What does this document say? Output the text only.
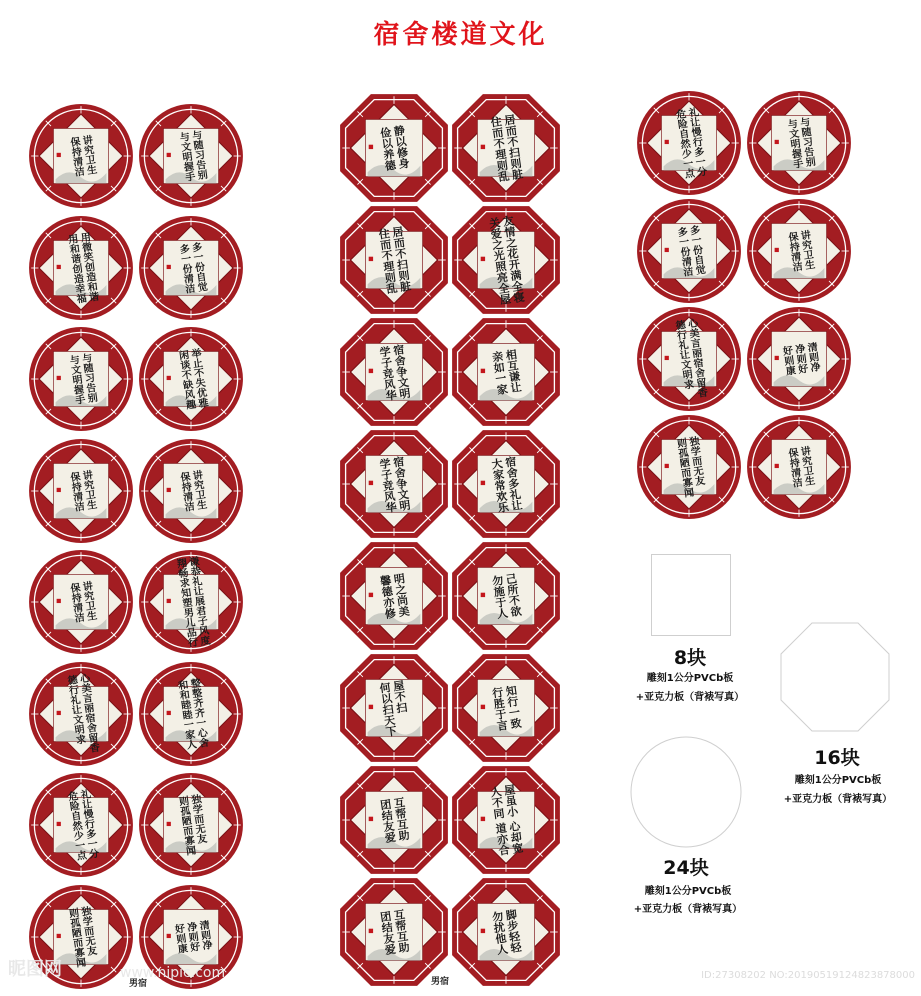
宿舍楼道文化
讲究卫生
保持清洁	与随习告别
与文明握手
用微笑创造和谐
用和谐创造幸福	多一份自觉
多一份清洁
与随习告别
与文明握手	举止不失优雅
闲谈不缺风趣
讲究卫生
保持清洁	讲究卫生
保持清洁
讲究卫生
保持清洁	谦恭礼让展君子风度
翔畅求知塑男儿品行
心美言丽宿舍留香
德行礼让文明求	整整齐齐一心舍
和和睦睦一家人
礼让慢行多一分
危险自然少一点	独学而无友
则孤陋而寡闻
独学而无友
则孤陋而寡闻	清则净
净则好
好则康
静以修身
俭以养德	居而不扫则脏
住而不理则乱
居而不扫则脏
住而不理则乱	友情之花开满全寝
关爱之光照亮全屋
宿舍争文明
学子竞风华	相互谦让
亲如一家
宿舍争文明
学子竞风华	宿舍多礼让
大家常欢乐
明之尚美
馨德亦修	己所不欲
勿施于人
屋不扫
何以扫天下	知行一致
行胜于言
互帮互助
团结友爱	屋虽小 心却宽
人不同 道亦合
互帮互助
团结友爱	脚步轻轻
勿扰他人
礼让慢行多一分
危险自然少一点	与随习告别
与文明握手
多一份自觉
多一份清洁	讲究卫生
保持清洁
心美言丽宿舍留香
德行礼让文明求	清则净
净则好
好则康
独学而无友
则孤陋而寡闻	讲究卫生
保持清洁
男宿	男宿
8块
雕刻1公分PVCb板
+亚克力板（背裱写真）
16块
雕刻1公分PVCb板
+亚克力板（背裱写真）
24块
雕刻1公分PVCb板
+亚克力板（背裱写真）
昵图网	www.nipic.com	ID:27308202 NO:20190519124823878000
